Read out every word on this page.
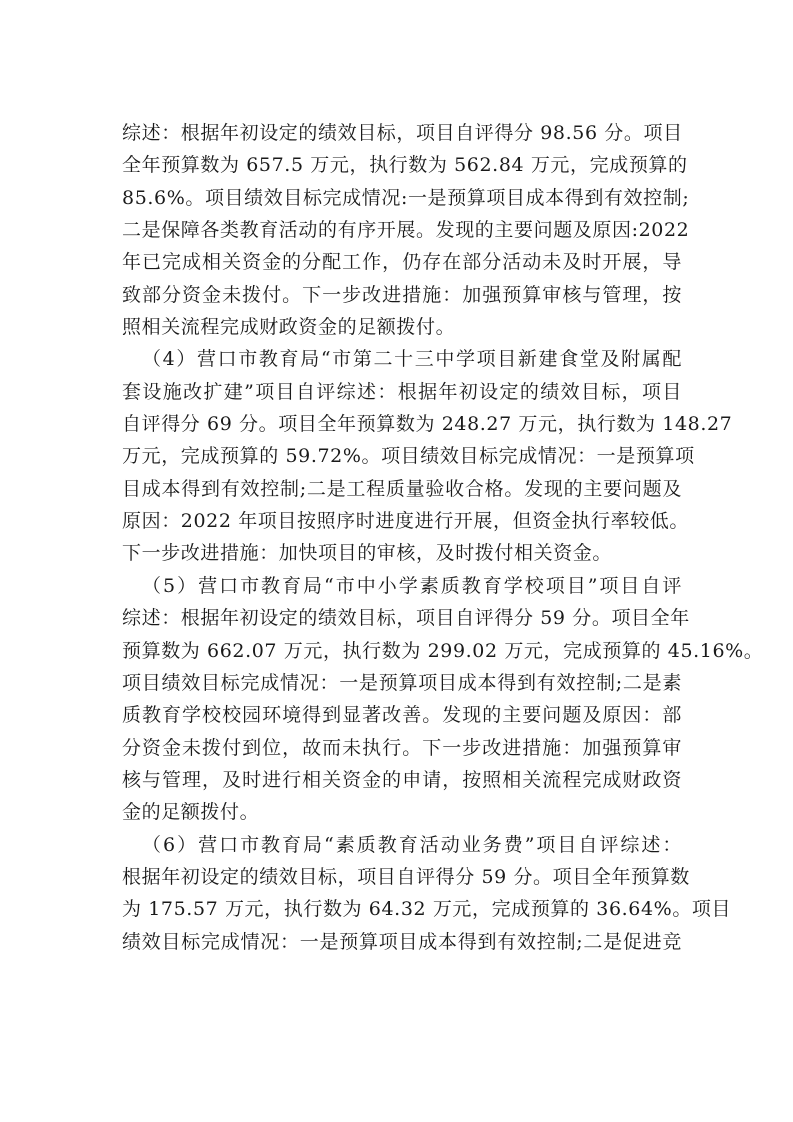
综述：根据年初设定的绩效目标，项目自评得分 98.56 分。项目
全年预算数为 657.5 万元，执行数为 562.84 万元，完成预算的
85.6%。项目绩效目标完成情况:一是预算项目成本得到有效控制;
二是保障各类教育活动的有序开展。发现的主要问题及原因:2022
年已完成相关资金的分配工作，仍存在部分活动未及时开展，导
致部分资金未拨付。下一步改进措施：加强预算审核与管理，按
照相关流程完成财政资金的足额拨付。
（4）营口市教育局“市第二十三中学项目新建食堂及附属配
套设施改扩建”项目自评综述：根据年初设定的绩效目标，项目
自评得分 69 分。项目全年预算数为 248.27 万元，执行数为 148.27
万元，完成预算的 59.72%。项目绩效目标完成情况：一是预算项
目成本得到有效控制;二是工程质量验收合格。发现的主要问题及
原因：2022 年项目按照序时进度进行开展，但资金执行率较低。
下一步改进措施：加快项目的审核，及时拨付相关资金。
（5）营口市教育局“市中小学素质教育学校项目”项目自评
综述：根据年初设定的绩效目标，项目自评得分 59 分。项目全年
预算数为 662.07 万元，执行数为 299.02 万元，完成预算的 45.16%。
项目绩效目标完成情况：一是预算项目成本得到有效控制;二是素
质教育学校校园环境得到显著改善。发现的主要问题及原因：部
分资金未拨付到位，故而未执行。下一步改进措施：加强预算审
核与管理，及时进行相关资金的申请，按照相关流程完成财政资
金的足额拨付。
（6）营口市教育局“素质教育活动业务费”项目自评综述：
根据年初设定的绩效目标，项目自评得分 59 分。项目全年预算数
为 175.57 万元，执行数为 64.32 万元，完成预算的 36.64%。项目
绩效目标完成情况：一是预算项目成本得到有效控制;二是促进竞
